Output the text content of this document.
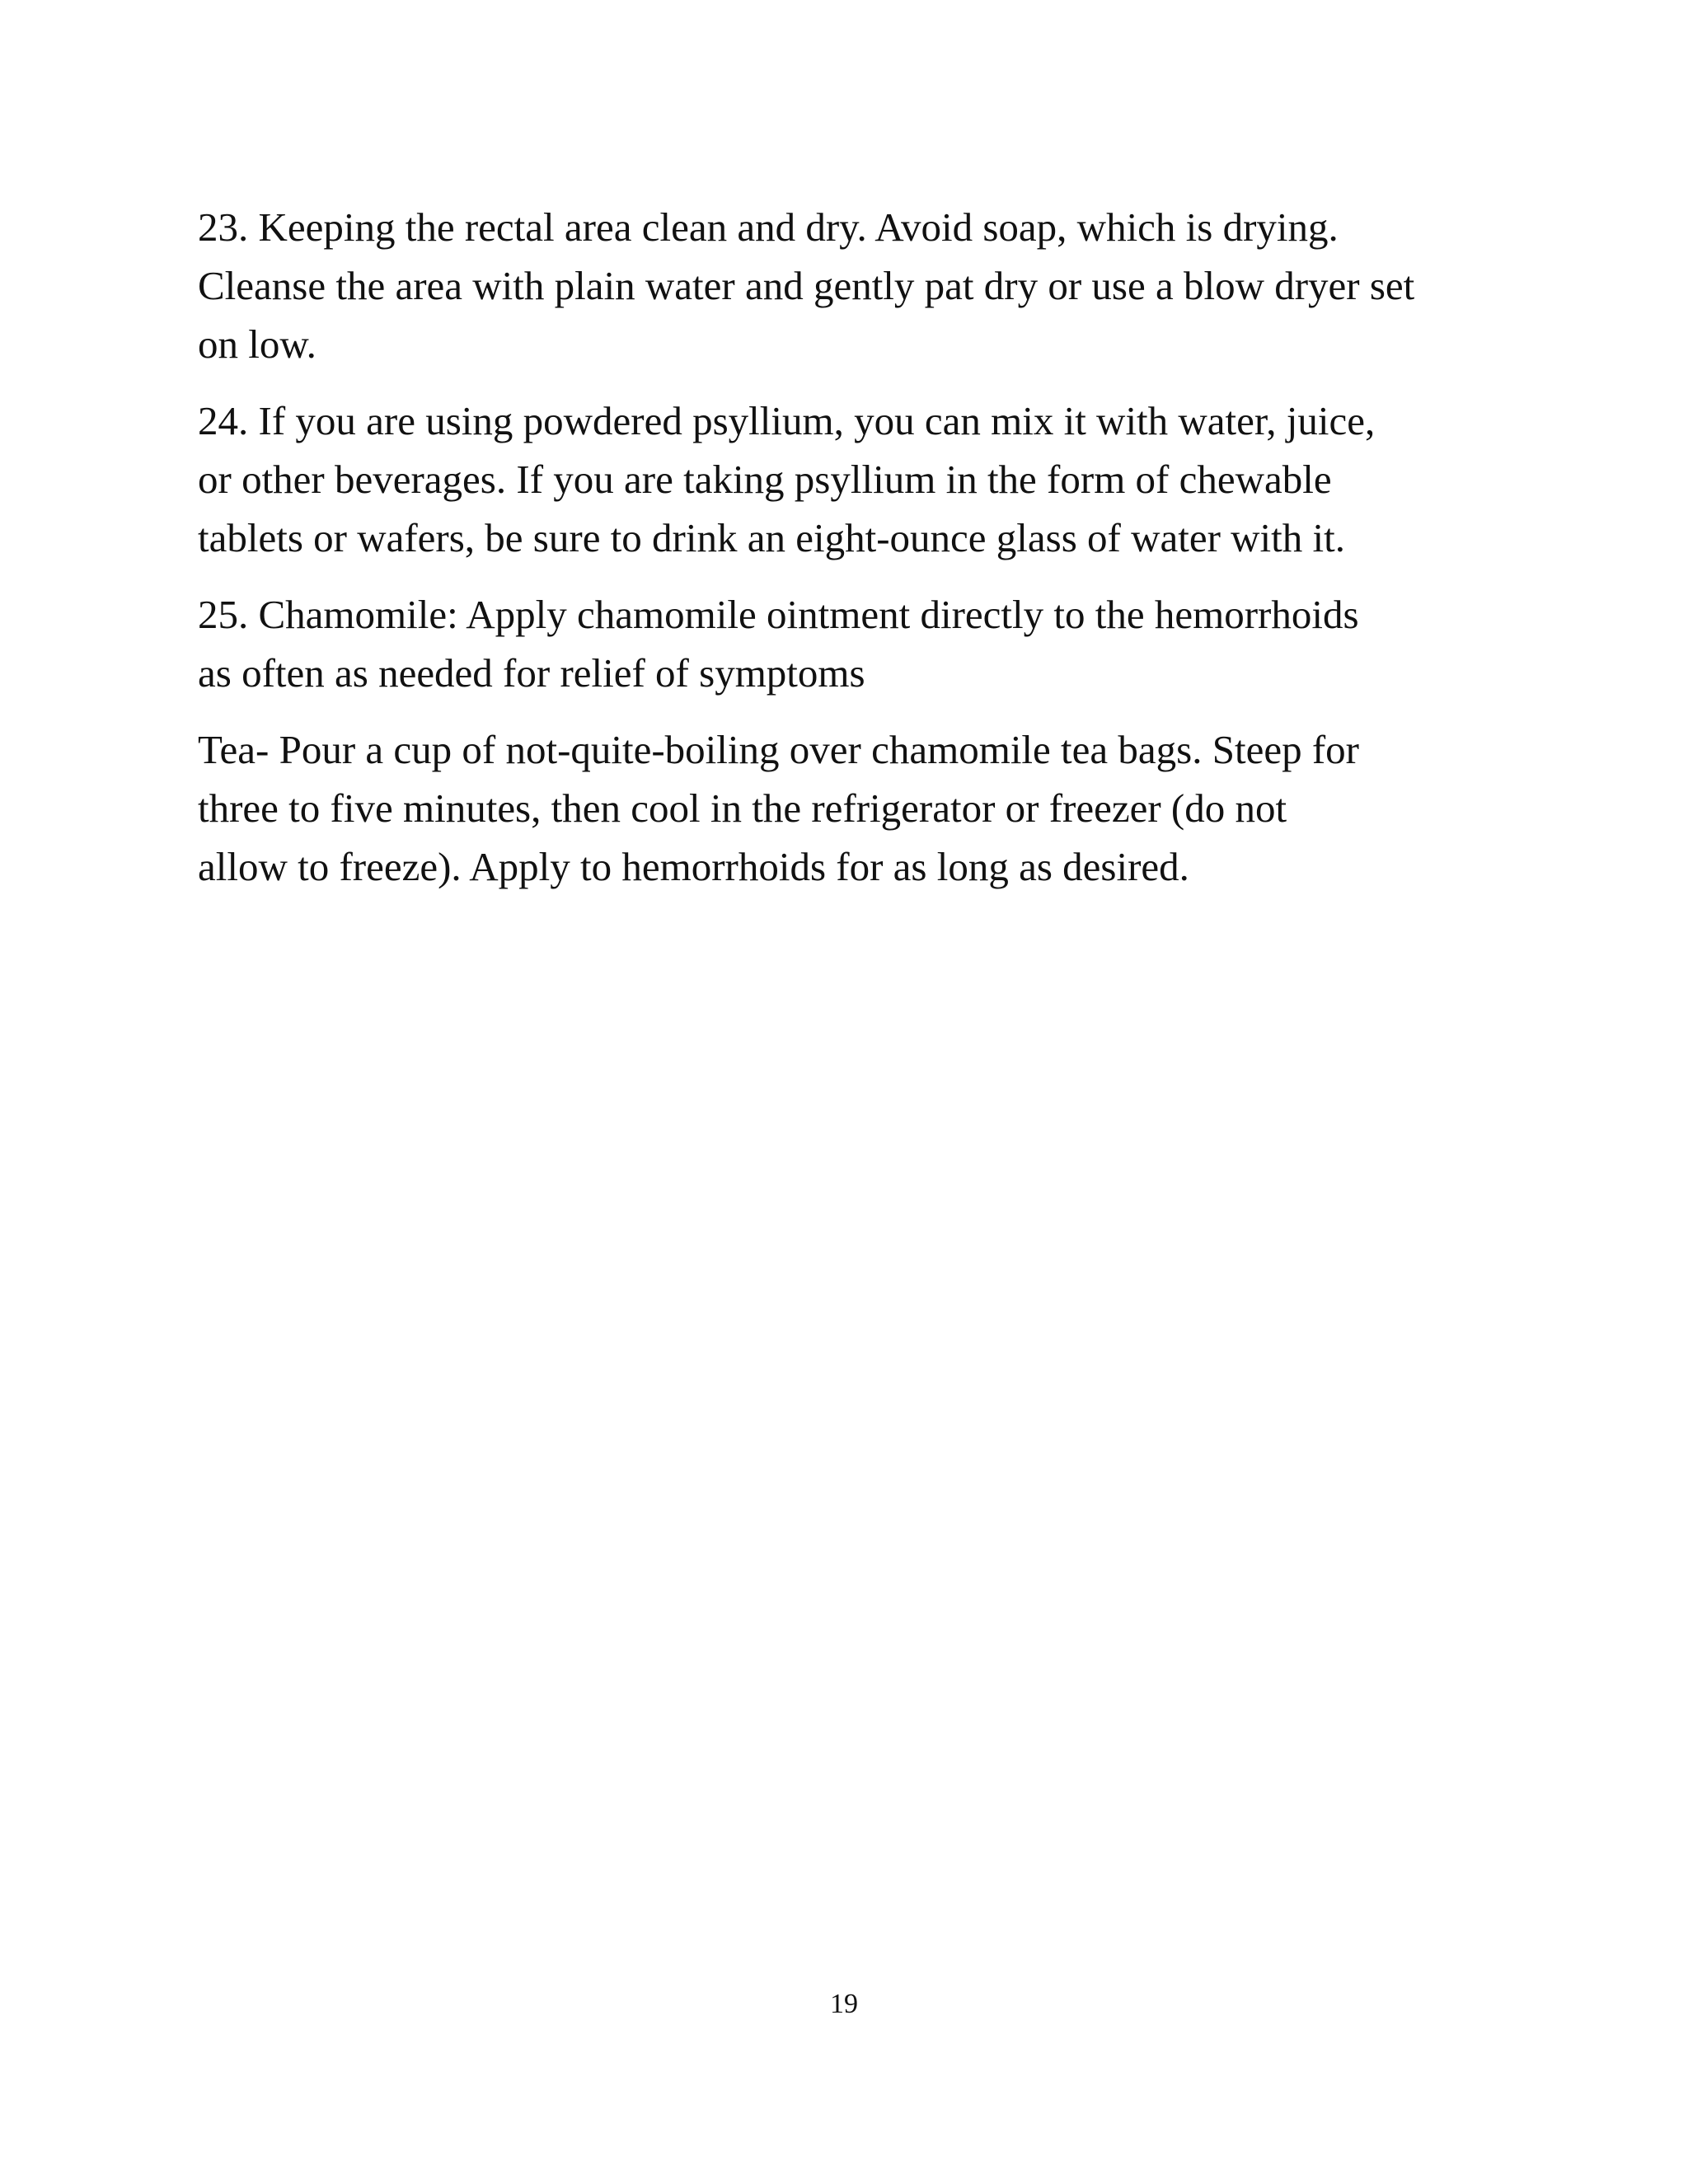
23. Keeping the rectal area clean and dry. Avoid soap, which is drying.
Cleanse the area with plain water and gently pat dry or use a blow dryer set
on low.

24. If you are using powdered psyllium, you can mix it with water, juice,
or other beverages. If you are taking psyllium in the form of chewable
tablets or wafers, be sure to drink an eight-ounce glass of water with it.

25. Chamomile: Apply chamomile ointment directly to the hemorrhoids
as often as needed for relief of symptoms

Tea- Pour a cup of not-quite-boiling over chamomile tea bags. Steep for
three to five minutes, then cool in the refrigerator or freezer (do not
allow to freeze). Apply to hemorrhoids for as long as desired.

19
